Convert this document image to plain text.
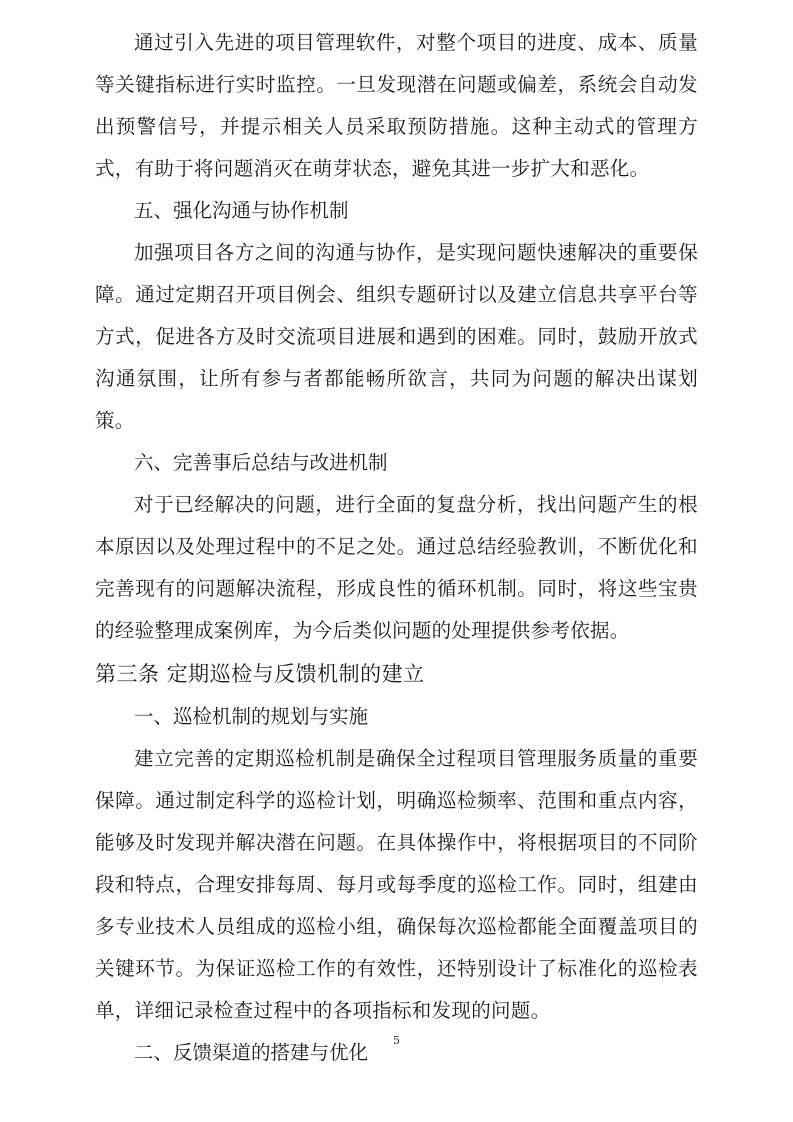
通过引入先进的项目管理软件，对整个项目的进度、成本、质量等关键指标进行实时监控。一旦发现潜在问题或偏差，系统会自动发出预警信号，并提示相关人员采取预防措施。这种主动式的管理方式，有助于将问题消灭在萌芽状态，避免其进一步扩大和恶化。

五、强化沟通与协作机制

加强项目各方之间的沟通与协作，是实现问题快速解决的重要保障。通过定期召开项目例会、组织专题研讨以及建立信息共享平台等方式，促进各方及时交流项目进展和遇到的困难。同时，鼓励开放式沟通氛围，让所有参与者都能畅所欲言，共同为问题的解决出谋划策。

六、完善事后总结与改进机制

对于已经解决的问题，进行全面的复盘分析，找出问题产生的根本原因以及处理过程中的不足之处。通过总结经验教训，不断优化和完善现有的问题解决流程，形成良性的循环机制。同时，将这些宝贵的经验整理成案例库，为今后类似问题的处理提供参考依据。

第三条 定期巡检与反馈机制的建立

一、巡检机制的规划与实施

建立完善的定期巡检机制是确保全过程项目管理服务质量的重要保障。通过制定科学的巡检计划，明确巡检频率、范围和重点内容，能够及时发现并解决潜在问题。在具体操作中，将根据项目的不同阶段和特点，合理安排每周、每月或每季度的巡检工作。同时，组建由多专业技术人员组成的巡检小组，确保每次巡检都能全面覆盖项目的关键环节。为保证巡检工作的有效性，还特别设计了标准化的巡检表单，详细记录检查过程中的各项指标和发现的问题。

二、反馈渠道的搭建与优化

5
